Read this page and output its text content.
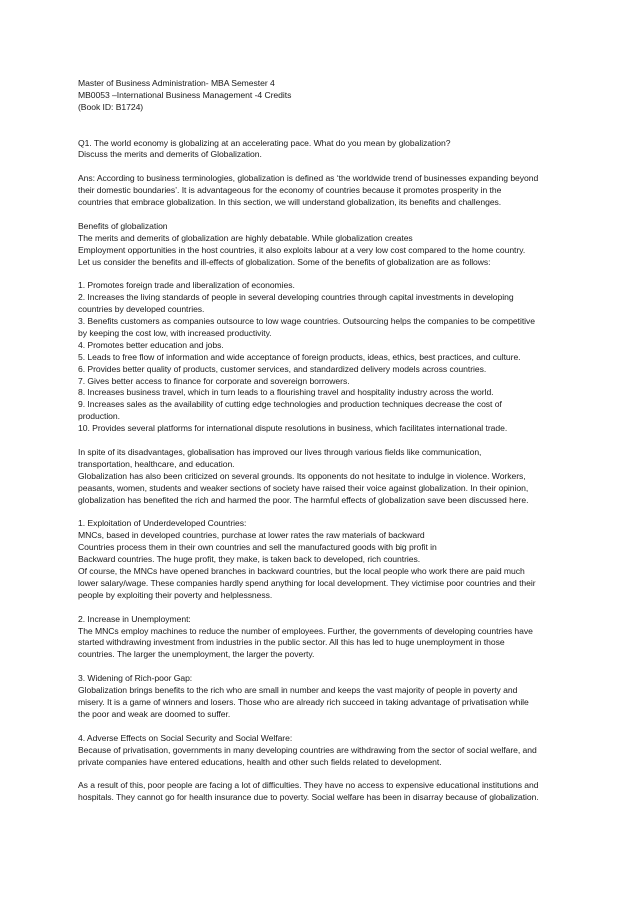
Master of Business Administration- MBA Semester 4
MB0053 –International Business Management -4 Credits
(Book ID: B1724)
Q1. The world economy is globalizing at an accelerating pace. What do you mean by globalization?
Discuss the merits and demerits of Globalization.
Ans: According to business terminologies, globalization is defined as ‘the worldwide trend of businesses expanding beyond
their domestic boundaries’. It is advantageous for the economy of countries because it promotes prosperity in the
countries that embrace globalization. In this section, we will understand globalization, its benefits and challenges.
Benefits of globalization
The merits and demerits of globalization are highly debatable. While globalization creates
Employment opportunities in the host countries, it also exploits labour at a very low cost compared to the home country.
Let us consider the benefits and ill-effects of globalization. Some of the benefits of globalization are as follows:
1. Promotes foreign trade and liberalization of economies.
2. Increases the living standards of people in several developing countries through capital investments in developing
countries by developed countries.
3. Benefits customers as companies outsource to low wage countries. Outsourcing helps the companies to be competitive
by keeping the cost low, with increased productivity.
4. Promotes better education and jobs.
5. Leads to free flow of information and wide acceptance of foreign products, ideas, ethics, best practices, and culture.
6. Provides better quality of products, customer services, and standardized delivery models across countries.
7. Gives better access to finance for corporate and sovereign borrowers.
8. Increases business travel, which in turn leads to a flourishing travel and hospitality industry across the world.
9. Increases sales as the availability of cutting edge technologies and production techniques decrease the cost of
production.
10. Provides several platforms for international dispute resolutions in business, which facilitates international trade.
In spite of its disadvantages, globalisation has improved our lives through various fields like communication,
transportation, healthcare, and education.
Globalization has also been criticized on several grounds. Its opponents do not hesitate to indulge in violence. Workers,
peasants, women, students and weaker sections of society have raised their voice against globalization. In their opinion,
globalization has benefited the rich and harmed the poor. The harmful effects of globalization save been discussed here.
1. Exploitation of Underdeveloped Countries:
MNCs, based in developed countries, purchase at lower rates the raw materials of backward
Countries process them in their own countries and sell the manufactured goods with big profit in
Backward countries. The huge profit, they make, is taken back to developed, rich countries.
Of course, the MNCs have opened branches in backward countries, but the local people who work there are paid much
lower salary/wage. These companies hardly spend anything for local development. They victimise poor countries and their
people by exploiting their poverty and helplessness.
2. Increase in Unemployment:
The MNCs employ machines to reduce the number of employees. Further, the governments of developing countries have
started withdrawing investment from industries in the public sector. All this has led to huge unemployment in those
countries. The larger the unemployment, the larger the poverty.
3. Widening of Rich-poor Gap:
Globalization brings benefits to the rich who are small in number and keeps the vast majority of people in poverty and
misery. It is a game of winners and losers. Those who are already rich succeed in taking advantage of privatisation while
the poor and weak are doomed to suffer.
4. Adverse Effects on Social Security and Social Welfare:
Because of privatisation, governments in many developing countries are withdrawing from the sector of social welfare, and
private companies have entered educations, health and other such fields related to development.
As a result of this, poor people are facing a lot of difficulties. They have no access to expensive educational institutions and
hospitals. They cannot go for health insurance due to poverty. Social welfare has been in disarray because of globalization.
